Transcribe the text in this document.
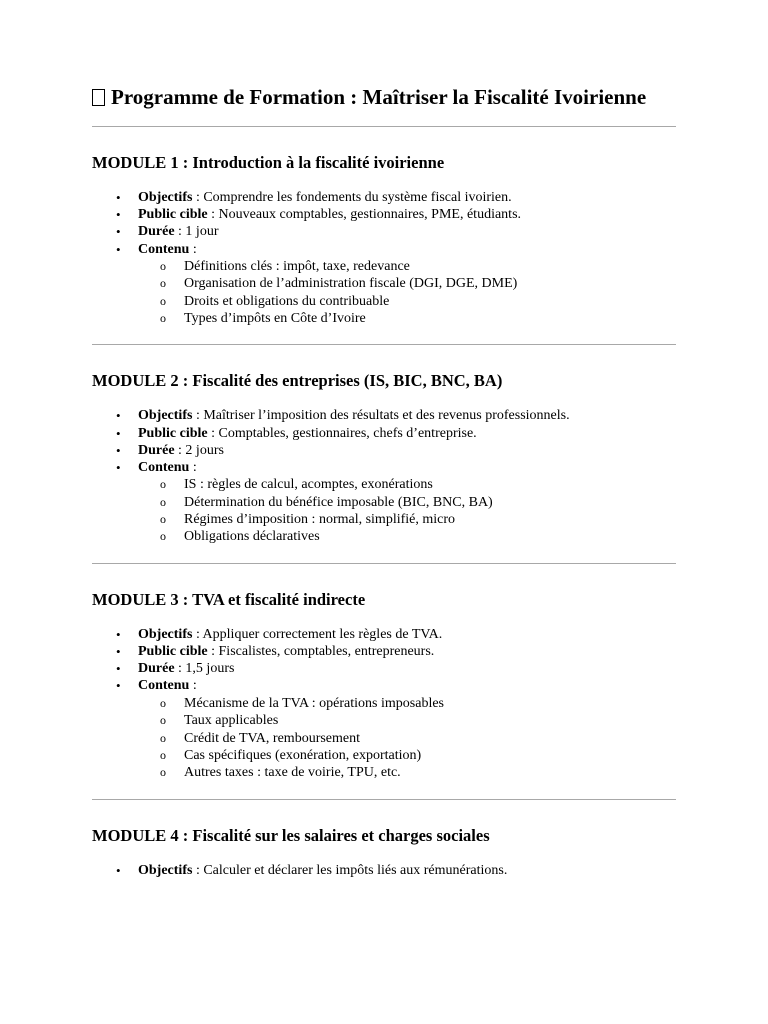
Programme de Formation : Maîtriser la Fiscalité Ivoirienne
MODULE 1 : Introduction à la fiscalité ivoirienne
• Objectifs : Comprendre les fondements du système fiscal ivoirien.
• Public cible : Nouveaux comptables, gestionnaires, PME, étudiants.
• Durée : 1 jour
• Contenu :
o Définitions clés : impôt, taxe, redevance
o Organisation de l’administration fiscale (DGI, DGE, DME)
o Droits et obligations du contribuable
o Types d’impôts en Côte d’Ivoire
MODULE 2 : Fiscalité des entreprises (IS, BIC, BNC, BA)
• Objectifs : Maîtriser l’imposition des résultats et des revenus professionnels.
• Public cible : Comptables, gestionnaires, chefs d’entreprise.
• Durée : 2 jours
• Contenu :
o IS : règles de calcul, acomptes, exonérations
o Détermination du bénéfice imposable (BIC, BNC, BA)
o Régimes d’imposition : normal, simplifié, micro
o Obligations déclaratives
MODULE 3 : TVA et fiscalité indirecte
• Objectifs : Appliquer correctement les règles de TVA.
• Public cible : Fiscalistes, comptables, entrepreneurs.
• Durée : 1,5 jours
• Contenu :
o Mécanisme de la TVA : opérations imposables
o Taux applicables
o Crédit de TVA, remboursement
o Cas spécifiques (exonération, exportation)
o Autres taxes : taxe de voirie, TPU, etc.
MODULE 4 : Fiscalité sur les salaires et charges sociales
• Objectifs : Calculer et déclarer les impôts liés aux rémunérations.
